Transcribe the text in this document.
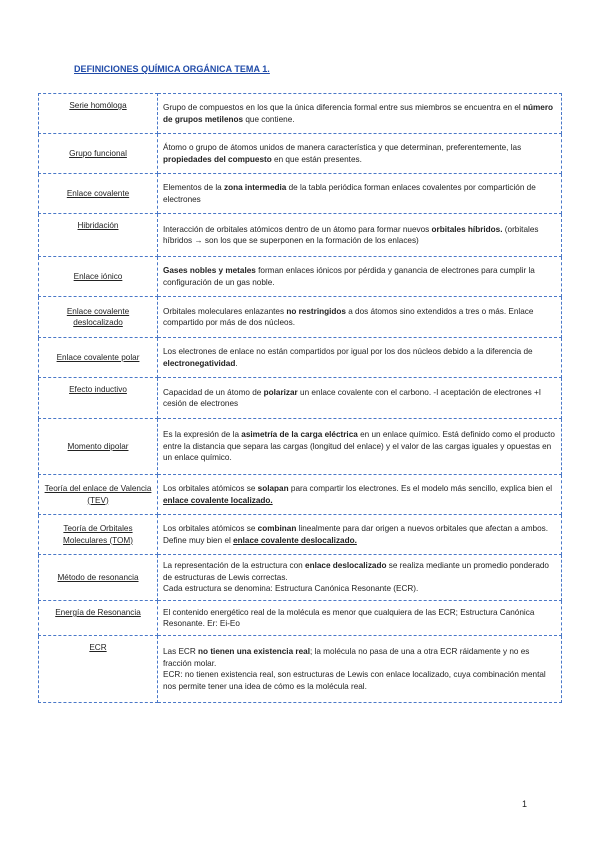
DEFINICIONES QUÍMICA ORGÁNICA TEMA 1.
Serie homóloga	Grupo de compuestos en los que la única diferencia formal entre sus miembros se encuentra en el número de grupos metilenos que contiene.
Grupo funcional	Átomo o grupo de átomos unidos de manera característica y que determinan, preferentemente, las propiedades del compuesto en que están presentes.
Enlace covalente	Elementos de la zona intermedia de la tabla periódica forman enlaces covalentes por compartición de electrones
Hibridación	Interacción de orbitales atómicos dentro de un átomo para formar nuevos orbitales híbridos. (orbitales híbridos → son los que se superponen en la formación de los enlaces)
Enlace iónico	Gases nobles y metales forman enlaces iónicos por pérdida y ganancia de electrones para cumplir la configuración de un gas noble.
Enlace covalente deslocalizado	Orbitales moleculares enlazantes no restringidos a dos átomos sino extendidos a tres o más. Enlace compartido por más de dos núcleos.
Enlace covalente polar	Los electrones de enlace no están compartidos por igual por los dos núcleos debido a la diferencia de electronegatividad.
Efecto inductivo	Capacidad de un átomo de polarizar un enlace covalente con el carbono. -I aceptación de electrones +I cesión de electrones
Momento dipolar	Es la expresión de la asimetría de la carga eléctrica en un enlace químico. Está definido como el producto entre la distancia que separa las cargas (longitud del enlace) y el valor de las cargas iguales y opuestas en un enlace químico.
Teoría del enlace de Valencia (TEV)	Los orbitales atómicos se solapan para compartir los electrones. Es el modelo más sencillo, explica bien el enlace covalente localizado.
Teoría de Orbitales Moleculares (TOM)	Los orbitales atómicos se combinan linealmente para dar origen a nuevos orbitales que afectan a ambos. Define muy bien el enlace covalente deslocalizado.
Método de resonancia	La representación de la estructura con enlace deslocalizado se realiza mediante un promedio ponderado de estructuras de Lewis correctas.
Cada estructura se denomina: Estructura Canónica Resonante (ECR).
Energía de Resonancia	El contenido energético real de la molécula es menor que cualquiera de las ECR; Estructura Canónica Resonante. Er: Ei-Eo
ECR	Las ECR no tienen una existencia real; la molécula no pasa de una a otra ECR ráidamente y no es fracción molar.
ECR: no tienen existencia real, son estructuras de Lewis con enlace localizado, cuya combinación mental nos permite tener una idea de cómo es la molécula real.
1
